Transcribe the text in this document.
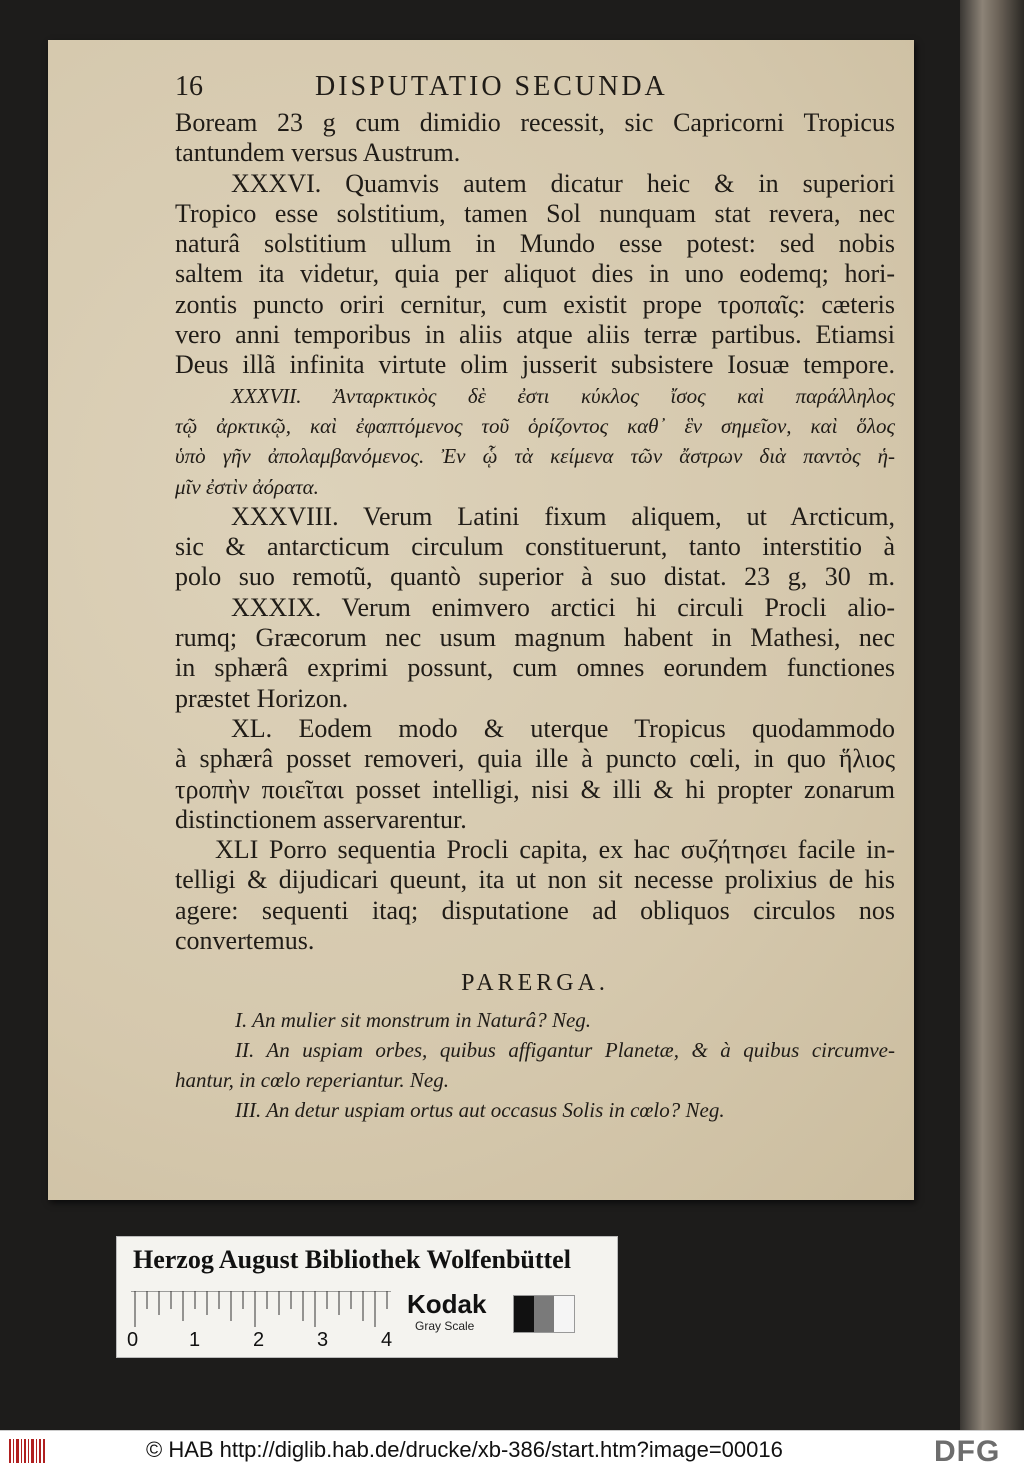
16	DISPUTATIO SECUNDA
Boream 23 g cum dimidio recessit, sic Capricorni Tropicus
tantundem versus Austrum.
XXXVI. Quamvis autem dicatur heic & in superiori
Tropico esse solstitium, tamen Sol nunquam stat revera, nec
naturâ solstitium ullum in Mundo esse potest: sed nobis
saltem ita videtur, quia per aliquot dies in uno eodemq; hori-
zontis puncto oriri cernitur, cum existit prope τροπαῖς: cæteris
vero anni temporibus in aliis atque aliis terræ partibus. Etiamsi
Deus illã infinita virtute olim jusserit subsistere Iosuæ tempore.
XXXVII. Ἀνταρκτικὸς δὲ ἐστι κύκλος ἴσος καὶ παράλληλος
τῷ ἀρκτικῷ, καὶ ἐφαπτόμενος τοῦ ὁρίζοντος καθ᾽ ἓν σημεῖον, καὶ ὅλος
ὑπὸ γῆν ἀπολαμβανόμενος. Ἐν ᾧ τὰ κείμενα τῶν ἄστρων διὰ παντὸς ἡ-
μῖν ἐστὶν ἀόρατα.
XXXVIII. Verum Latini fixum aliquem, ut Arcticum,
sic & antarcticum circulum constituerunt, tanto interstitio à
polo suo remotũ, quantò superior à suo distat. 23 g, 30 m.
XXXIX. Verum enimvero arctici hi circuli Procli alio-
rumq; Græcorum nec usum magnum habent in Mathesi, nec
in sphærâ exprimi possunt, cum omnes eorundem functiones
præstet Horizon.
XL. Eodem modo & uterque Tropicus quodammodo
à sphærâ posset removeri, quia ille à puncto cœli, in quo ἥλιος
τροπὴν ποιεῖται posset intelligi, nisi & illi & hi propter zonarum
distinctionem asservarentur.
XLI Porro sequentia Procli capita, ex hac συζήτησει facile in-
telligi & dijudicari queunt, ita ut non sit necesse prolixius de his
agere: sequenti itaq; disputatione ad obliquos circulos nos
convertemus.
PARERGA.
I. An mulier sit monstrum in Naturâ? Neg.
II. An uspiam orbes, quibus affigantur Planetæ, & à quibus circumve-
hantur, in cœlo reperiantur. Neg.
III. An detur uspiam ortus aut occasus Solis in cœlo? Neg.
Herzog August Bibliothek Wolfenbüttel
0	1	2	3	4
Kodak
Gray Scale
© HAB http://diglib.hab.de/drucke/xb-386/start.htm?image=00016	DFG
